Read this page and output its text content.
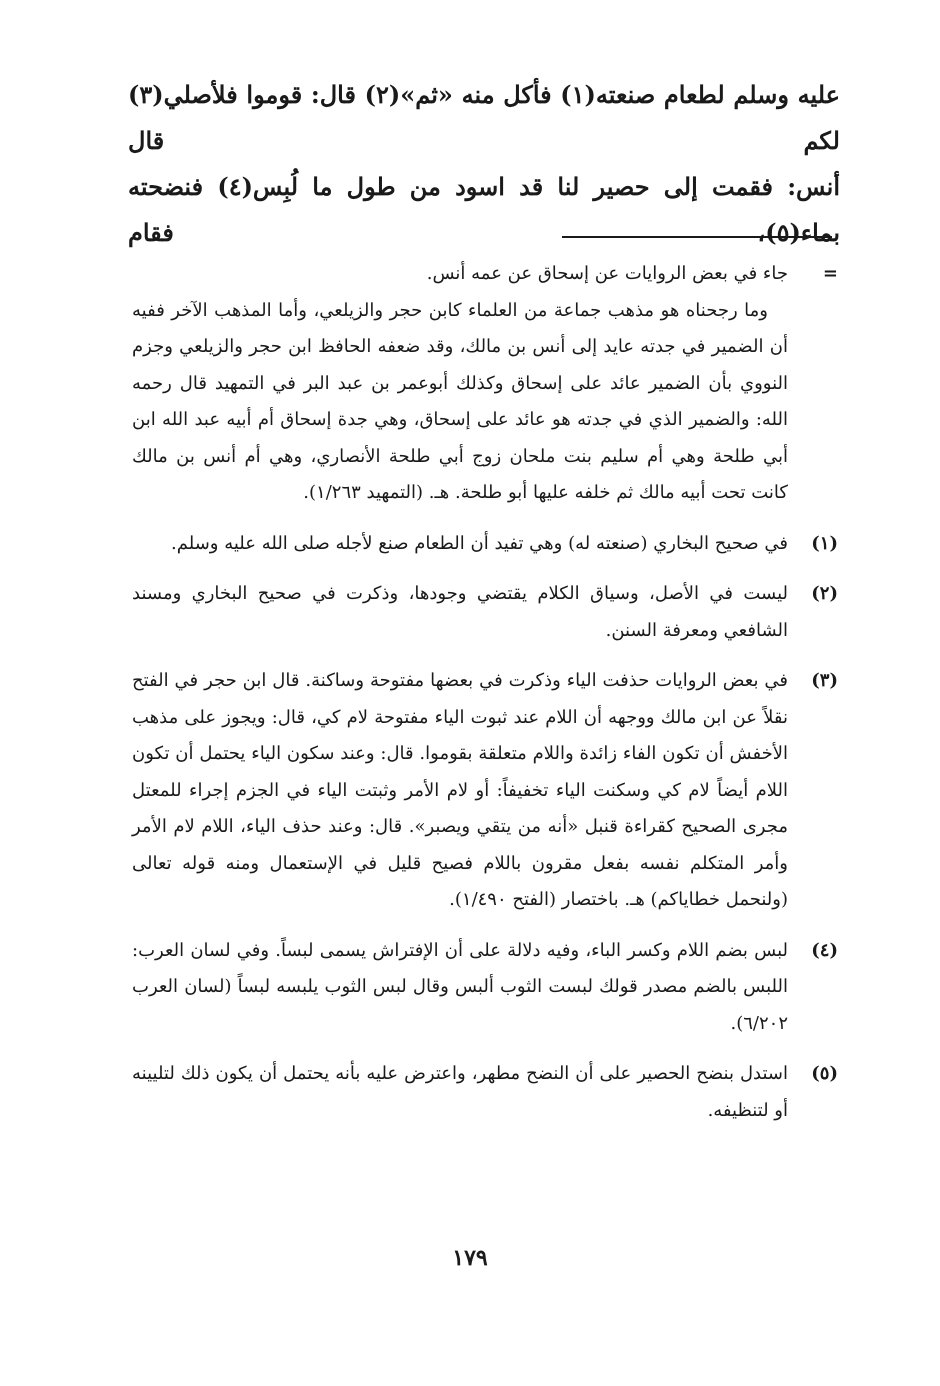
عليه وسلم لطعام صنعته(١) فأكل منه «ثم»(٢) قال: قوموا فلأصلي(٣) لكم قال

أنس: فقمت إلى حصير لنا قد اسود من طول ما لُبِس(٤) فنضحته بماء(٥)، فقام

=

جاء في بعض الروايات عن إسحاق عن عمه أنس.

وما رجحناه هو مذهب جماعة من العلماء كابن حجر والزيلعي، وأما المذهب الآخر ففيه أن الضمير في جدته عايد إلى أنس بن مالك، وقد ضعفه الحافظ ابن حجر والزيلعي وجزم النووي بأن الضمير عائد على إسحاق وكذلك أبوعمر بن عبد البر في التمهيد قال رحمه الله: والضمير الذي في جدته هو عائد على إسحاق، وهي جدة إسحاق أم أبيه عبد الله ابن أبي طلحة وهي أم سليم بنت ملحان زوج أبي طلحة الأنصاري، وهي أم أنس بن مالك كانت تحت أبيه مالك ثم خلفه عليها أبو طلحة. هـ. (التمهيد ١/٢٦٣).

(١)

في صحيح البخاري (صنعته له) وهي تفيد أن الطعام صنع لأجله صلى الله عليه وسلم.

(٢)

ليست في الأصل، وسياق الكلام يقتضي وجودها، وذكرت في صحيح البخاري ومسند الشافعي ومعرفة السنن.

(٣)

في بعض الروايات حذفت الياء وذكرت في بعضها مفتوحة وساكنة. قال ابن حجر في الفتح نقلاً عن ابن مالك ووجهه أن اللام عند ثبوت الياء مفتوحة لام كي، قال: ويجوز على مذهب الأخفش أن تكون الفاء زائدة واللام متعلقة بقوموا. قال: وعند سكون الياء يحتمل أن تكون اللام أيضاً لام كي وسكنت الياء تخفيفاً: أو لام الأمر وثبتت الياء في الجزم إجراء للمعتل مجرى الصحيح كقراءة قنبل «أنه من يتقي ويصبر». قال: وعند حذف الياء، اللام لام الأمر وأمر المتكلم نفسه بفعل مقرون باللام فصيح قليل في الإستعمال ومنه قوله تعالى (ولنحمل خطاياكم) هـ. باختصار (الفتح ١/٤٩٠).

(٤)

لبس بضم اللام وكسر الباء، وفيه دلالة على أن الإفتراش يسمى لبساً. وفي لسان العرب: اللبس بالضم مصدر قولك لبست الثوب ألبس وقال لبس الثوب يلبسه لبساً (لسان العرب ٦/٢٠٢).

(٥)

استدل بنضح الحصير على أن النضح مطهر، واعترض عليه بأنه يحتمل أن يكون ذلك لتليينه أو لتنظيفه.

١٧٩
